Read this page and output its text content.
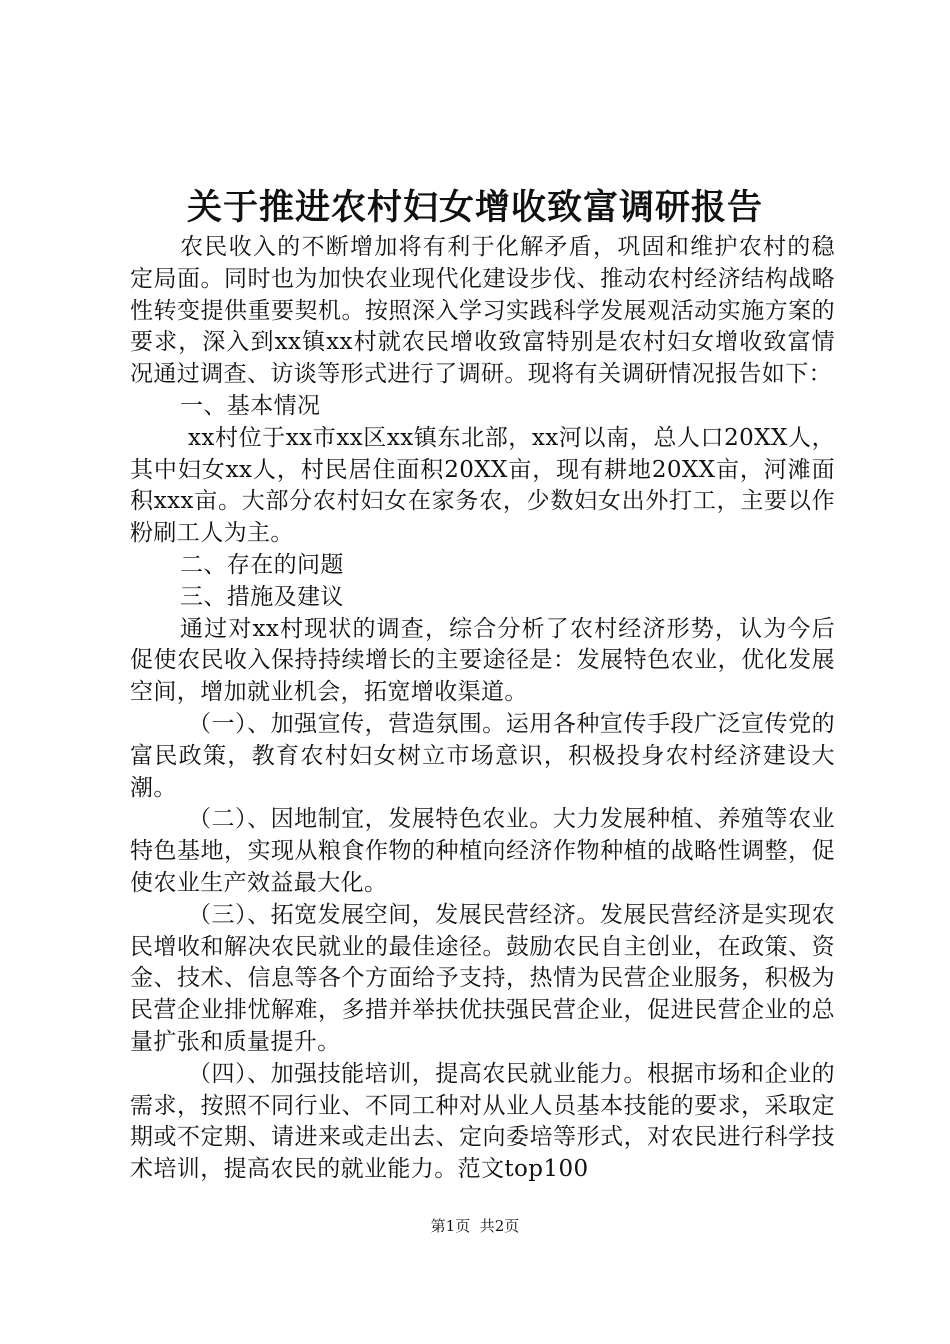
关于推进农村妇女增收致富调研报告

农民收入的不断增加将有利于化解矛盾，巩固和维护农村的稳定局面。同时也为加快农业现代化建设步伐、推动农村经济结构战略性转变提供重要契机。按照深入学习实践科学发展观活动实施方案的要求，深入到xx镇xx村就农民增收致富特别是农村妇女增收致富情况通过调查、访谈等形式进行了调研。现将有关调研情况报告如下：

一、基本情况

xx村位于xx市xx区xx镇东北部，xx河以南，总人口20XX人，其中妇女xx人，村民居住面积20XX亩，现有耕地20XX亩，河滩面积xxx亩。大部分农村妇女在家务农，少数妇女出外打工，主要以作粉刷工人为主。

二、存在的问题

三、措施及建议

通过对xx村现状的调查，综合分析了农村经济形势，认为今后促使农民收入保持持续增长的主要途径是：发展特色农业，优化发展空间，增加就业机会，拓宽增收渠道。

（一）、加强宣传，营造氛围。运用各种宣传手段广泛宣传党的富民政策，教育农村妇女树立市场意识，积极投身农村经济建设大潮。

（二）、因地制宜，发展特色农业。大力发展种植、养殖等农业特色基地，实现从粮食作物的种植向经济作物种植的战略性调整，促使农业生产效益最大化。

（三）、拓宽发展空间，发展民营经济。发展民营经济是实现农民增收和解决农民就业的最佳途径。鼓励农民自主创业，在政策、资金、技术、信息等各个方面给予支持，热情为民营企业服务，积极为民营企业排忧解难，多措并举扶优扶强民营企业，促进民营企业的总量扩张和质量提升。

（四）、加强技能培训，提高农民就业能力。根据市场和企业的需求，按照不同行业、不同工种对从业人员基本技能的要求，采取定期或不定期、请进来或走出去、定向委培等形式，对农民进行科学技术培训，提高农民的就业能力。范文top100

第1页 共2页
